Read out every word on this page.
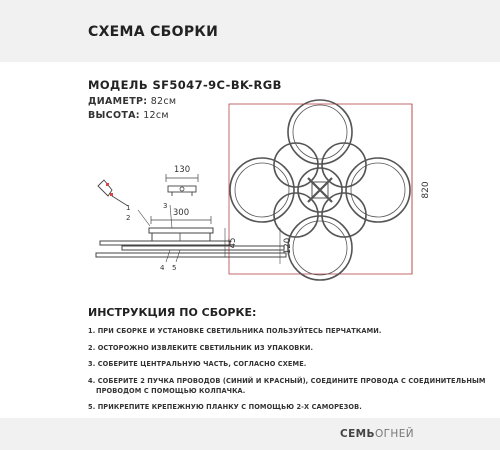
СХЕМА СБОРКИ
МОДЕЛЬ SF5047-9C-BK-RGB
ДИАМЕТР: 82см
ВЫСОТА: 12см
820
130
300
45	120
1
2
3
4 5
ИНСТРУКЦИЯ ПО СБОРКЕ:
1. ПРИ СБОРКЕ И УСТАНОВКЕ СВЕТИЛЬНИКА ПОЛЬЗУЙТЕСЬ ПЕРЧАТКАМИ.
2. ОСТОРОЖНО ИЗВЛЕКИТЕ СВЕТИЛЬНИК ИЗ УПАКОВКИ.
3. СОБЕРИТЕ ЦЕНТРАЛЬНУЮ ЧАСТЬ, СОГЛАСНО СХЕМЕ.
4. СОБЕРИТЕ 2 ПУЧКА ПРОВОДОВ (СИНИЙ И КРАСНЫЙ), СОЕДИНИТЕ ПРОВОДА С СОЕДИНИТЕЛЬНЫМ
ПРОВОДОМ С ПОМОЩЬЮ КОЛПАЧКА.
5. ПРИКРЕПИТЕ КРЕПЕЖНУЮ ПЛАНКУ С ПОМОЩЬЮ 2-Х САМОРЕЗОВ.
СЕМЬОГНЕЙ
